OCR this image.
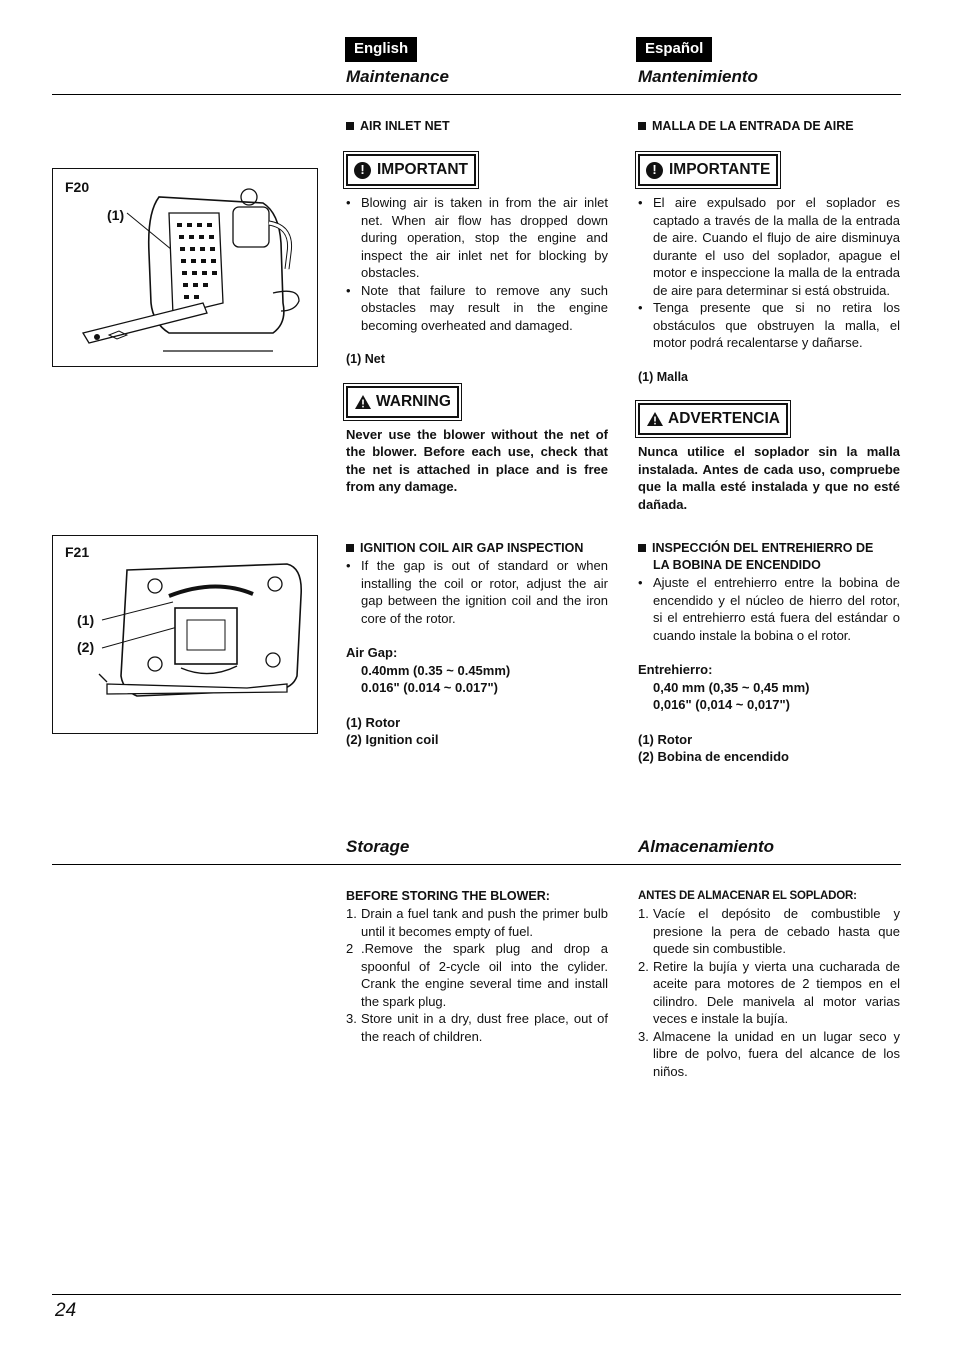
English	Español
Maintenance	Mantenimiento
F20
(1)
AIR INLET NET
! IMPORTANT
• Blowing air is taken in from the air inlet net. When air flow has dropped down during operation, stop the engine and inspect the air inlet net for blocking by obstacles.
• Note that failure to remove any such obstacles may result in the engine becoming overheated and damaged.
(1) Net
WARNING
Never use the blower without the net of the blower. Before each use, check that the net is attached in place and is free from any damage.
MALLA DE LA ENTRADA DE AIRE
! IMPORTANTE
• El aire expulsado por el soplador es captado a través de la malla de la entrada de aire. Cuando el flujo de aire disminuya durante el uso del soplador, apague el motor e inspeccione la malla de la entrada de aire para determinar si está obstruida.
• Tenga presente que si no retira los obstáculos que obstruyen la malla, el motor podrá recalentarse y dañarse.
(1) Malla
ADVERTENCIA
Nunca utilice el soplador sin la malla instalada. Antes de cada uso, compruebe que la malla esté instalada y que no esté dañada.
F21
(1)
(2)
IGNITION COIL AIR GAP INSPECTION
• If the gap is out of standard or when installing the coil or rotor, adjust the air gap between the ignition coil and the iron core of the rotor.
Air Gap:
0.40mm (0.35 ~ 0.45mm)
0.016" (0.014 ~ 0.017")
(1) Rotor
(2) Ignition coil
INSPECCIÓN DEL ENTREHIERRO DE
LA BOBINA DE ENCENDIDO
• Ajuste el entrehierro entre la bobina de encendido y el núcleo de hierro del rotor, si el entrehierro está fuera del estándar o cuando instale la bobina o el rotor.
Entrehierro:
0,40 mm (0,35 ~ 0,45 mm)
0,016" (0,014 ~ 0,017")
(1) Rotor
(2) Bobina de encendido
Storage	Almacenamiento
BEFORE STORING THE BLOWER:
1. Drain a fuel tank and push the primer bulb until it becomes empty of fuel.
2 .Remove the spark plug and drop a spoonful of 2-cycle oil into the cylider. Crank the engine several time and install the spark plug.
3. Store unit in a dry, dust free place, out of the reach of children.
ANTES DE ALMACENAR EL SOPLADOR:
1. Vacíe el depósito de combustible y presione la pera de cebado hasta que quede sin combustible.
2. Retire la bujía y vierta una cucharada de aceite para motores de 2 tiempos en el cilindro. Dele manivela al motor varias veces e instale la bujía.
3. Almacene la unidad en un lugar seco y libre de polvo, fuera del alcance de los niños.
24
